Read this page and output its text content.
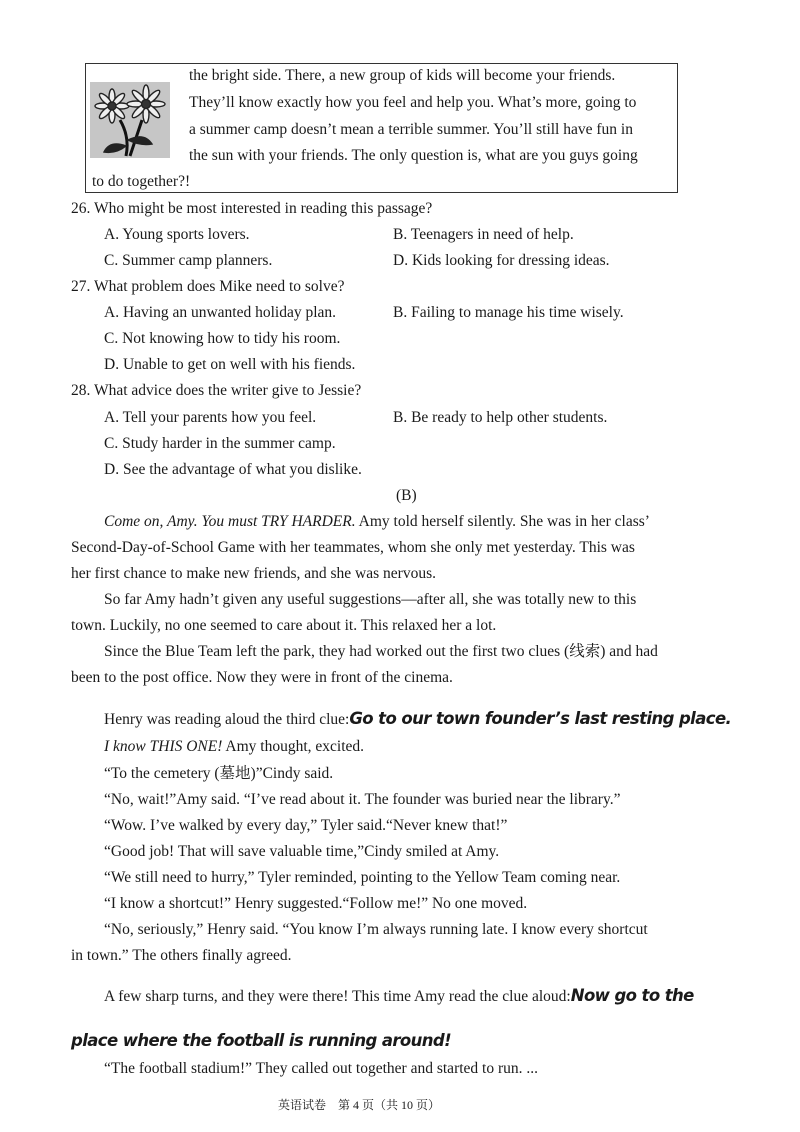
the bright side. There, a new group of kids will become your friends.
They’ll know exactly how you feel and help you. What’s more, going to
a summer camp doesn’t mean a terrible summer. You’ll still have fun in
the sun with your friends. The only question is, what are you guys going
to do together?!
26. Who might be most interested in reading this passage?
A. Young sports lovers.	B. Teenagers in need of help.
C. Summer camp planners.	D. Kids looking for dressing ideas.
27. What problem does Mike need to solve?
A. Having an unwanted holiday plan.	B. Failing to manage his time wisely.
C. Not knowing how to tidy his room.
D. Unable to get on well with his fiends.
28. What advice does the writer give to Jessie?
A. Tell your parents how you feel.	B. Be ready to help other students.
C. Study harder in the summer camp.
D. See the advantage of what you dislike.
(B)
Come on, Amy. You must TRY HARDER. Amy told herself silently. She was in her class’
Second-Day-of-School Game with her teammates, whom she only met yesterday. This was
her first chance to make new friends, and she was nervous.
So far Amy hadn’t given any useful suggestions—after all, she was totally new to this
town. Luckily, no one seemed to care about it. This relaxed her a lot.
Since the Blue Team left the park, they had worked out the first two clues (线索) and had
been to the post office. Now they were in front of the cinema.
Henry was reading aloud the third clue:Go to our town founder’s last resting place.
I know THIS ONE! Amy thought, excited.
“To the cemetery (墓地)”Cindy said.
“No, wait!”Amy said. “I’ve read about it. The founder was buried near the library.”
“Wow. I’ve walked by every day,” Tyler said.“Never knew that!”
“Good job! That will save valuable time,”Cindy smiled at Amy.
“We still need to hurry,” Tyler reminded, pointing to the Yellow Team coming near.
“I know a shortcut!” Henry suggested.“Follow me!” No one moved.
“No, seriously,” Henry said. “You know I’m always running late. I know every shortcut
in town.” The others finally agreed.
A few sharp turns, and they were there! This time Amy read the clue aloud:Now go to the
place where the football is running around!
“The football stadium!” They called out together and started to run. ...
英语试卷　第 4 页（共 10 页）
